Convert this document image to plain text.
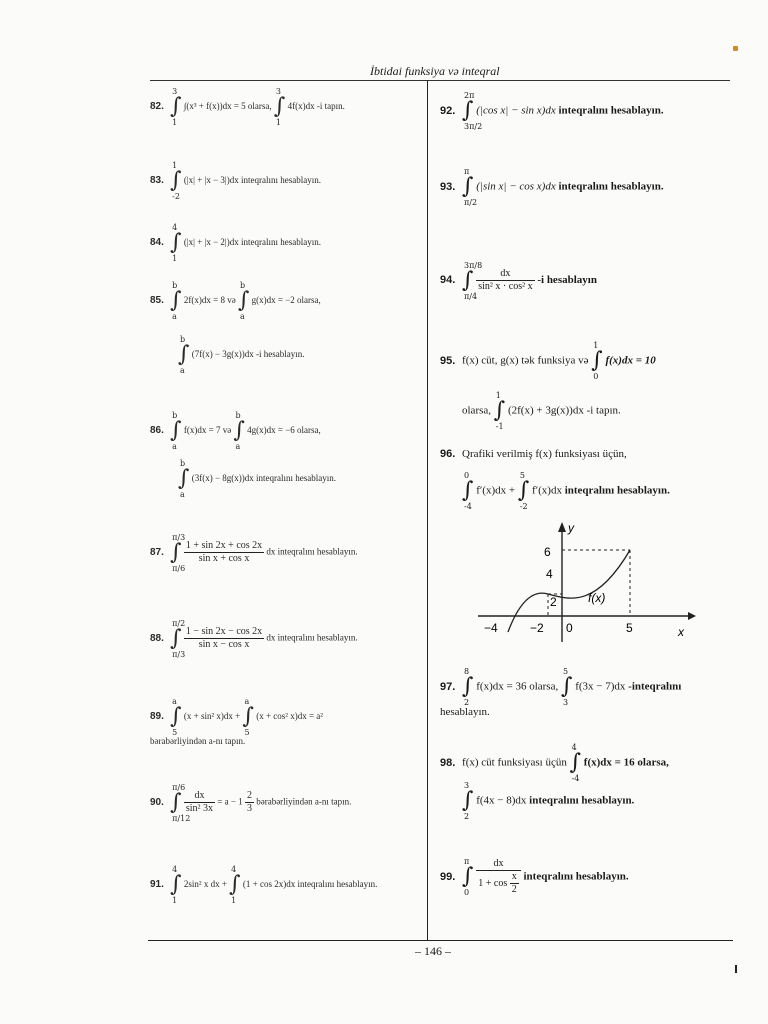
İbtidai funksiya və inteqral
82. ∫
3
1
∫(x³ + f(x))dx = 5 olarsa, ∫
3
1
4f(x)dx -i tapın.
83. ∫
1
-2
(|x| + |x − 3|)dx inteqralını hesablayın.
84. ∫
4
1
(|x| + |x − 2|)dx inteqralını hesablayın.
85. ∫
b
a
2f(x)dx = 8 və ∫
b
a
g(x)dx = −2 olarsa,
∫
b
a
(7f(x) − 3g(x))dx -i hesablayın.
86. ∫
b
a
f(x)dx = 7 və ∫
b
a
4g(x)dx = −6 olarsa,
∫
b
a
(3f(x) − 8g(x))dx inteqralını hesablayın.
87. ∫
π/3
π/6

$\frac{1 + \sin 2x + \cos 2x}{\text{sin x + cos x}}$ dx inteqralını hesablayın.
88. ∫
π/2
π/3

$\frac{1 - \sin 2x - \cos 2x}{\text{sin x − cos x}}$ dx inteqralını hesablayın.
89. ∫
a
5
(x + sin² x)dx + ∫
a
5
(x + cos² x)dx = a²
bərabərliyindən a-nı tapın.
90. ∫
π/6
π/12

$\frac{dx}{\text{sin² 3x}} = a - 1 \frac{2}{3}$ bərabərliyindən a-nı tapın.
91. ∫
4
1
2sin² x dx + ∫
4
1
(1 + cos 2x)dx inteqralını hesablayın.
92. ∫
2π
3π/2
(|cos x| − sin x)dx inteqralını hesablayın.
93. ∫
π
π/2
(|sin x| − cos x)dx inteqralını hesablayın.
94. ∫
3π/8
π/4

$\frac{dx}{\text{sin² x · cos² x}} -i$ hesablayın
95. f(x) cüt, g(x) tək funksiya və ∫
1
0
f(x)dx = 10
olarsa, ∫
1
-1
(2f(x) + 3g(x))dx -i tapın.
96. Qrafiki verilmiş f(x) funksiyası üçün,
∫
0
-4
f′(x)dx + ∫
5
-2
f′(x)dx inteqralını hesablayın.
y
x
f(x)
6
4
2
−4	−2 0	5
97. ∫
8
2
f(x)dx = 36 olarsa, ∫
5
3
f(3x − 7)dx -inteqralını
hesablayın.
98. f(x) cüt funksiyası üçün ∫
4
-4
f(x)dx = 16 olarsa,
∫
3
2
f(4x − 8)dx inteqralını hesablayın.
99. ∫
π
0
$\frac{dx}{1 + \cos \frac{x}{2}}$ inteqralını hesablayın.
– 146 –
